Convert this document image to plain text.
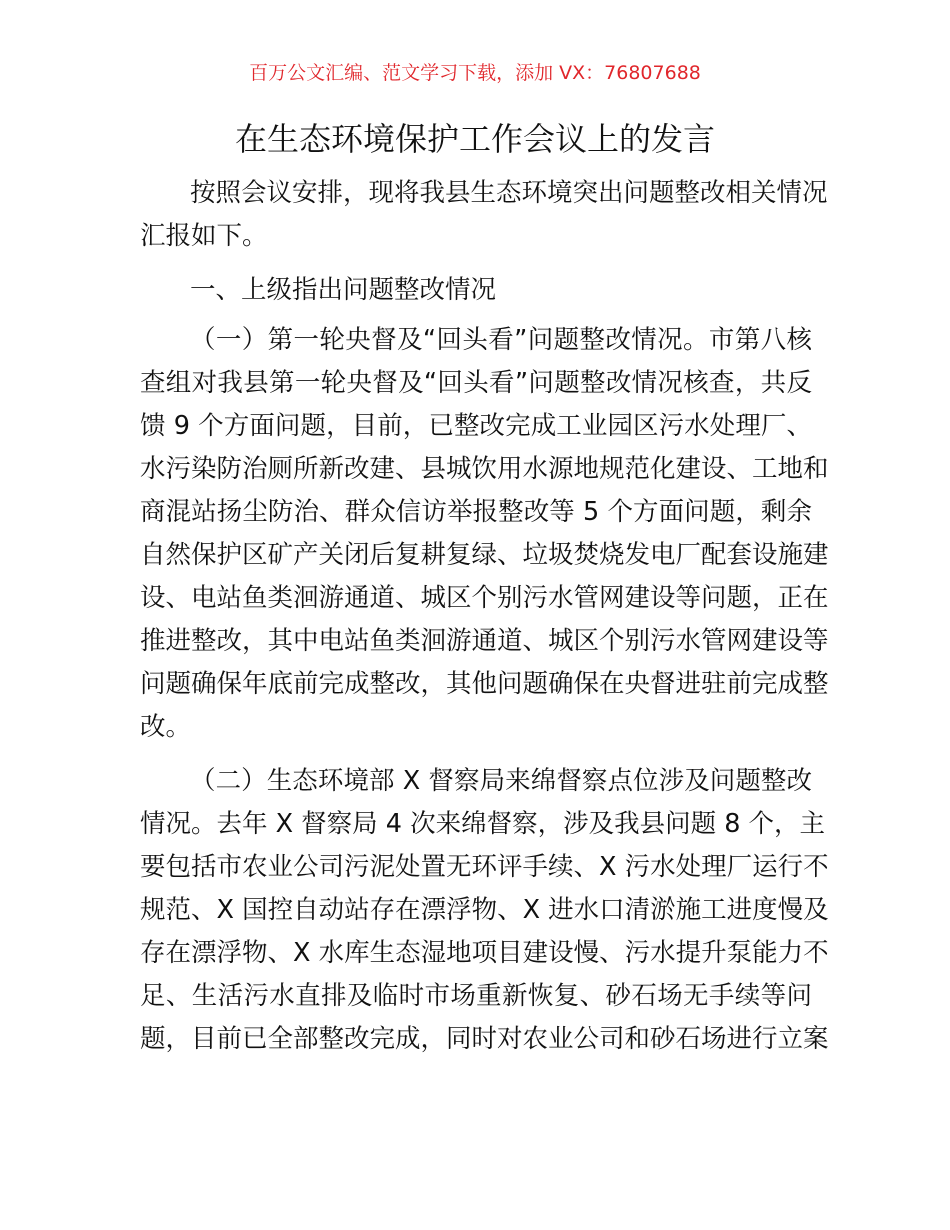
百万公文汇编、范文学习下载，添加 VX：76807688
在生态环境保护工作会议上的发言
按照会议安排，现将我县生态环境突出问题整改相关情况
汇报如下。
一、上级指出问题整改情况
（一）第一轮央督及“回头看”问题整改情况。市第八核
查组对我县第一轮央督及“回头看”问题整改情况核查，共反
馈 9 个方面问题，目前，已整改完成工业园区污水处理厂、
水污染防治厕所新改建、县城饮用水源地规范化建设、工地和
商混站扬尘防治、群众信访举报整改等 5 个方面问题，剩余
自然保护区矿产关闭后复耕复绿、垃圾焚烧发电厂配套设施建
设、电站鱼类洄游通道、城区个别污水管网建设等问题，正在
推进整改，其中电站鱼类洄游通道、城区个别污水管网建设等
问题确保年底前完成整改，其他问题确保在央督进驻前完成整
改。
（二）生态环境部 X 督察局来绵督察点位涉及问题整改
情况。去年 X 督察局 4 次来绵督察，涉及我县问题 8 个，主
要包括市农业公司污泥处置无环评手续、X 污水处理厂运行不
规范、X 国控自动站存在漂浮物、X 进水口清淤施工进度慢及
存在漂浮物、X 水库生态湿地项目建设慢、污水提升泵能力不
足、生活污水直排及临时市场重新恢复、砂石场无手续等问
题，目前已全部整改完成，同时对农业公司和砂石场进行立案
